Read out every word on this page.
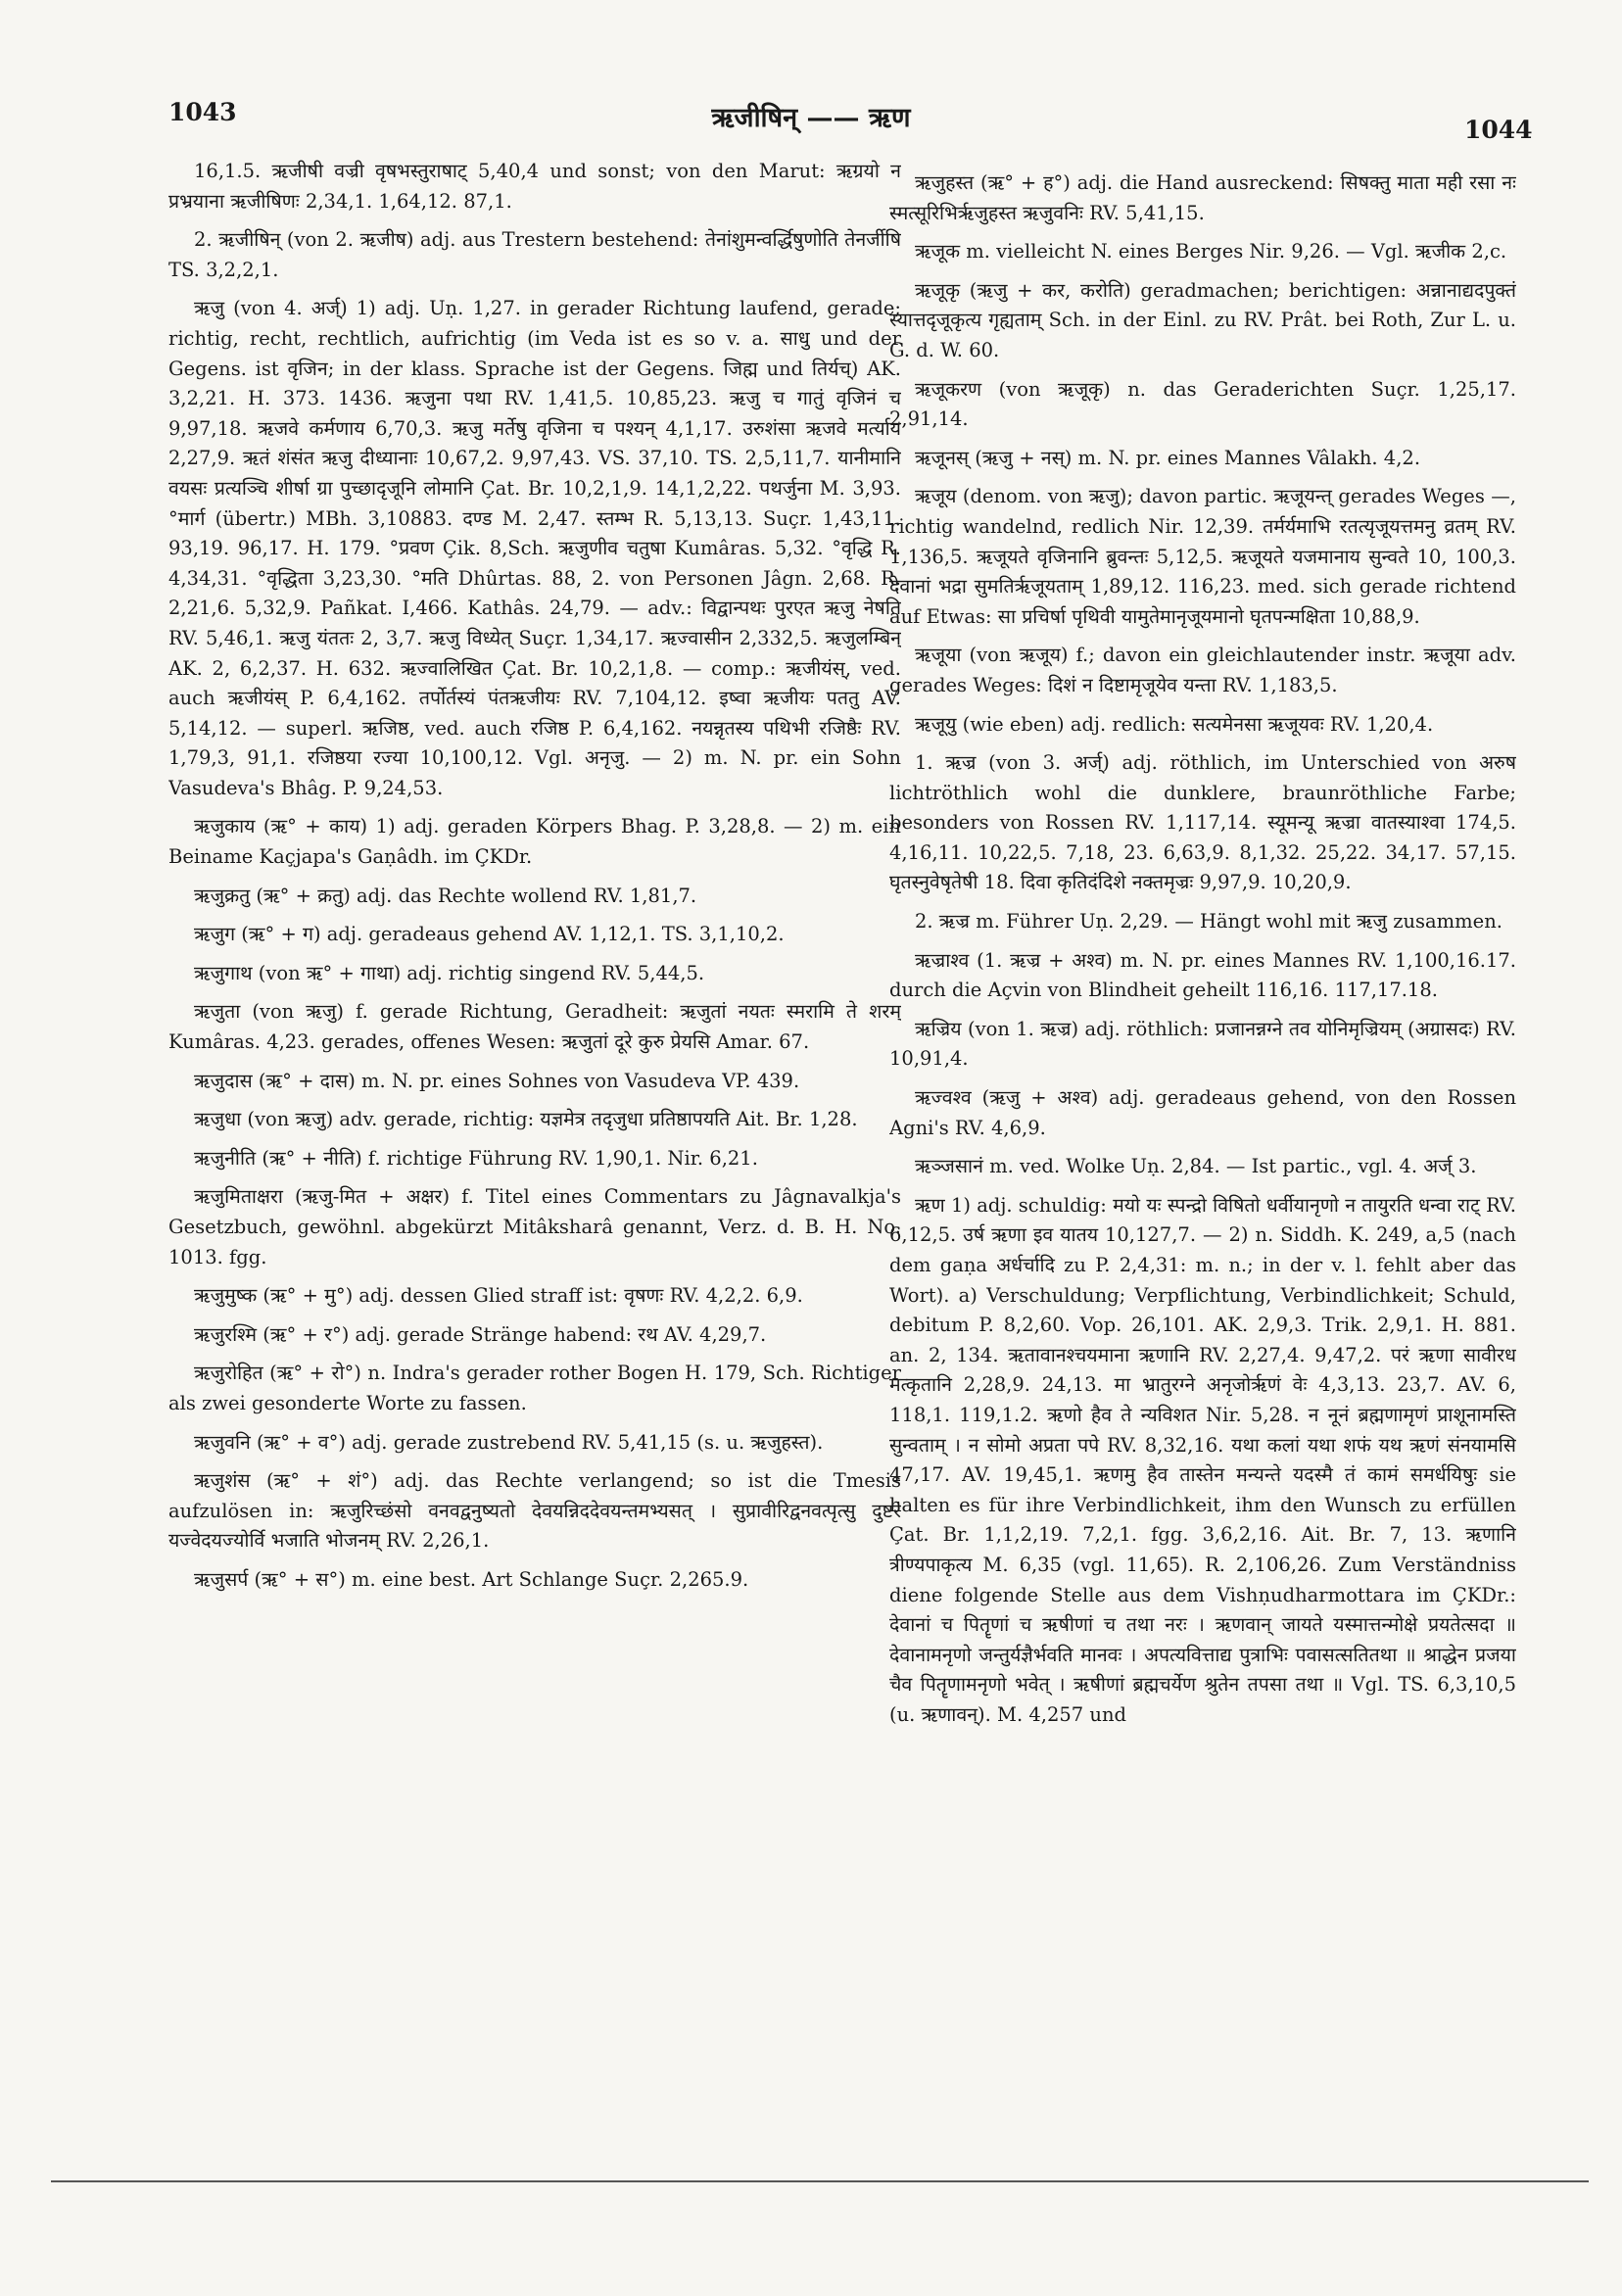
1043	ऋजीषिन् —— ऋण	1044

16,1.5. ऋजीषी वज्री वृषभस्तुराषाट् 5,40,4 und sonst; von den Marut: ऋग्रयो न प्रभ्रयाना ऋजीषिणः 2,34,1. 1,64,12. 87,1.

2. ऋजीषिन् (von 2. ऋजीष) adj. aus Trestern bestehend: तेनांशुमन्वर्द्धिषुणोति तेनर्जीषि TS. 3,2,2,1.

ऋजु (von 4. अर्ज्) 1) adj. Uṇ. 1,27. in gerader Richtung laufend, gerade; richtig, recht, rechtlich, aufrichtig (im Veda ist es so v. a. साधु und der Gegens. ist वृजिन; in der klass. Sprache ist der Gegens. जिह्म und तिर्यच्) AK. 3,2,21. H. 373. 1436. ऋजुना पथा RV. 1,41,5. 10,85,23. ऋजु च गातुं वृजिनं च 9,97,18. ऋजवे कर्मणाय 6,70,3. ऋजु मर्तेषु वृजिना च पश्यन् 4,1,17. उरुशंसा ऋजवे मर्त्याय 2,27,9. ऋतं शंसंत ऋजु दीध्यानाः 10,67,2. 9,97,43. VS. 37,10. TS. 2,5,11,7. यानीमानि वयसः प्रत्यञ्चि शीर्षा ग्रा पुच्छादृजूनि लोमानि Çat. Br. 10,2,1,9. 14,1,2,22. पथर्जुना M. 3,93. °मार्ग (übertr.) MBh. 3,10883. दण्ड M. 2,47. स्तम्भ R. 5,13,13. Suçr. 1,43,11. 93,19. 96,17. H. 179. °प्रवण Çik. 8,Sch. ऋजुणीव चतुषा Kumâras. 5,32. °वृद्धि R. 4,34,31. °वृद्धिता 3,23,30. °मति Dhûrtas. 88, 2. von Personen Jâgn. 2,68. R. 2,21,6. 5,32,9. Pañkat. I,466. Kathâs. 24,79. — adv.: विद्वान्पथः पुरएत ऋजु नेषति RV. 5,46,1. ऋजु यंततः 2, 3,7. ऋजु विध्येत् Suçr. 1,34,17. ऋज्वासीन 2,332,5. ऋजुलम्बिन् AK. 2, 6,2,37. H. 632. ऋज्वालिखित Çat. Br. 10,2,1,8. — comp.: ऋजीयंस्, ved. auch ऋजीयंस् P. 6,4,162. तर्पोर्तस्यं पंतऋजीयः RV. 7,104,12. इष्वा ऋजीयः पततु AV. 5,14,12. — superl. ऋजिष्ठ, ved. auch रजिष्ठ P. 6,4,162. नयन्नृतस्य पथिभी रजिष्ठैः RV. 1,79,3, 91,1. रजिष्ठया रज्या 10,100,12. Vgl. अनृजु. — 2) m. N. pr. ein Sohn Vasudeva's Bhâg. P. 9,24,53.

ऋजुकाय (ऋ° + काय) 1) adj. geraden Körpers Bhag. P. 3,28,8. — 2) m. ein Beiname Kaçjapa's Gaṇâdh. im ÇKDr.

ऋजुक्रतु (ऋ° + क्रतु) adj. das Rechte wollend RV. 1,81,7.

ऋजुग (ऋ° + ग) adj. geradeaus gehend AV. 1,12,1. TS. 3,1,10,2.

ऋजुगाथ (von ऋ° + गाथा) adj. richtig singend RV. 5,44,5.

ऋजुता (von ऋजु) f. gerade Richtung, Geradheit: ऋजुतां नयतः स्मरामि ते शरम् Kumâras. 4,23. gerades, offenes Wesen: ऋजुतां दूरे कुरु प्रेयसि Amar. 67.

ऋजुदास (ऋ° + दास) m. N. pr. eines Sohnes von Vasudeva VP. 439.

ऋजुधा (von ऋजु) adv. gerade, richtig: यज्ञमेत्र तदृजुधा प्रतिष्ठापयति Ait. Br. 1,28.

ऋजुनीति (ऋ° + नीति) f. richtige Führung RV. 1,90,1. Nir. 6,21.

ऋजुमिताक्षरा (ऋजु-मित + अक्षर) f. Titel eines Commentars zu Jâgnavalkja's Gesetzbuch, gewöhnl. abgekürzt Mitâksharâ genannt, Verz. d. B. H. No. 1013. fgg.

ऋजुमुष्क (ऋ° + मु°) adj. dessen Glied straff ist: वृषणः RV. 4,2,2. 6,9.

ऋजुरश्मि (ऋ° + र°) adj. gerade Stränge habend: रथ AV. 4,29,7.

ऋजुरोहित (ऋ° + रो°) n. Indra's gerader rother Bogen H. 179, Sch. Richtiger als zwei gesonderte Worte zu fassen.

ऋजुवनि (ऋ° + व°) adj. gerade zustrebend RV. 5,41,15 (s. u. ऋजुहस्त).

ऋजुशंस (ऋ° + शं°) adj. das Rechte verlangend; so ist die Tmesis aufzulösen in: ऋजुरिच्छंसो वनवद्वनुष्यतो देवयन्निददेवयन्तमभ्यसत् । सुप्रावीरिद्वनवत्पृत्सु दुष्टरं यज्वेदयज्योर्वि भजाति भोजनम् RV. 2,26,1.

ऋजुसर्प (ऋ° + स°) m. eine best. Art Schlange Suçr. 2,265.9.

ऋजुहस्त (ऋ° + ह°) adj. die Hand ausreckend: सिषक्तु माता मही रसा नः स्मत्सूरिभिर्ऋजुहस्त ऋजुवनिः RV. 5,41,15.

ऋजूक m. vielleicht N. eines Berges Nir. 9,26. — Vgl. ऋजीक 2,c.

ऋजूकृ (ऋजु + कर, करोति) geradmachen; berichtigen: अन्नानाद्यदपुक्तं स्यात्तदृजूकृत्य गृह्यताम् Sch. in der Einl. zu RV. Prât. bei Roth, Zur L. u. G. d. W. 60.

ऋजूकरण (von ऋजूकृ) n. das Geraderichten Suçr. 1,25,17. 2,91,14.

ऋजूनस् (ऋजु + नस्) m. N. pr. eines Mannes Vâlakh. 4,2.

ऋजूय (denom. von ऋजु); davon partic. ऋजूयन्त् gerades Weges —, richtig wandelnd, redlich Nir. 12,39. तर्मर्यमाभि रतत्यृजूयत्तमनु व्रतम् RV. 1,136,5. ऋजूयते वृजिनानि ब्रुवन्तः 5,12,5. ऋजूयते यजमानाय सुन्वते 10, 100,3. देवानां भद्रा सुमतिर्ऋजूयताम् 1,89,12. 116,23. med. sich gerade richtend auf Etwas: सा प्रचिर्षा पृथिवी यामुतेमानृजूयमानो घृतपन्मक्षिता 10,88,9.

ऋजूया (von ऋजूय) f.; davon ein gleichlautender instr. ऋजूया adv. gerades Weges: दिशं न दिष्टामृजूयेव यन्ता RV. 1,183,5.

ऋजूयु (wie eben) adj. redlich: सत्यमेनसा ऋजूयवः RV. 1,20,4.

1. ऋज्र (von 3. अर्ज्) adj. röthlich, im Unterschied von अरुष lichtröthlich wohl die dunklere, braunröthliche Farbe; besonders von Rossen RV. 1,117,14. स्यूमन्यू ऋज्रा वातस्याश्वा 174,5. 4,16,11. 10,22,5. 7,18, 23. 6,63,9. 8,1,32. 25,22. 34,17. 57,15. घृतस्नुवेषृतेषी 18. दिवा कृतिदंदिशे नक्तमृज्रः 9,97,9. 10,20,9.

2. ऋज्र m. Führer Uṇ. 2,29. — Hängt wohl mit ऋजु zusammen.

ऋज्राश्व (1. ऋज्र + अश्व) m. N. pr. eines Mannes RV. 1,100,16.17. durch die Açvin von Blindheit geheilt 116,16. 117,17.18.

ऋज्रिय (von 1. ऋज्र) adj. röthlich: प्रजानन्नग्ने तव योनिमृज्रियम् (अग्रासदः) RV. 10,91,4.

ऋज्वश्व (ऋजु + अश्व) adj. geradeaus gehend, von den Rossen Agni's RV. 4,6,9.

ऋञ्जसानं m. ved. Wolke Uṇ. 2,84. — Ist partic., vgl. 4. अर्ज् 3.

ऋण 1) adj. schuldig: मयो यः स्पन्द्रो विषितो धर्वीयानृणो न तायुरति धन्वा राट् RV. 6,12,5. उर्ष ऋणा इव यातय 10,127,7. — 2) n. Siddh. K. 249, a,5 (nach dem gaṇa अर्धर्चादि zu P. 2,4,31: m. n.; in der v. l. fehlt aber das Wort). a) Verschuldung; Verpflichtung, Verbindlichkeit; Schuld, debitum P. 8,2,60. Vop. 26,101. AK. 2,9,3. Trik. 2,9,1. H. 881. an. 2, 134. ऋतावानश्चयमाना ऋणानि RV. 2,27,4. 9,47,2. परं ऋणा सावीरध मत्कृतानि 2,28,9. 24,13. मा भ्रातुरग्ने अनृजोर्ऋणं वेः 4,3,13. 23,7. AV. 6, 118,1. 119,1.2. ऋणो हैव ते न्यविशत Nir. 5,28. न नूनं ब्रह्मणामृणं प्राशूनामस्ति सुन्वताम् । न सोमो अप्रता पपे RV. 8,32,16. यथा कलां यथा शफं यथ ऋणं संनयामसि 47,17. AV. 19,45,1. ऋणमु हैव तास्तेन मन्यन्ते यदस्मै तं कामं समर्धयिषुः sie halten es für ihre Verbindlichkeit, ihm den Wunsch zu erfüllen Çat. Br. 1,1,2,19. 7,2,1. fgg. 3,6,2,16. Ait. Br. 7, 13. ऋणानि त्रीण्यपाकृत्य M. 6,35 (vgl. 11,65). R. 2,106,26. Zum Verständniss diene folgende Stelle aus dem Vishṇudharmottara im ÇKDr.: देवानां च पितॄणां च ऋषीणां च तथा नरः । ऋणवान् जायते यस्मात्तन्मोक्षे प्रयतेत्सदा ॥ देवानामनृणो जन्तुर्यज्ञैर्भवति मानवः । अपत्यवित्ताद्य पुत्राभिः पवासत्सतितथा ॥ श्राद्धेन प्रजया चैव पितॄणामनृणो भवेत् । ऋषीणां ब्रह्मचर्येण श्रुतेन तपसा तथा ॥ Vgl. TS. 6,3,10,5 (u. ऋणावन्). M. 4,257 und
